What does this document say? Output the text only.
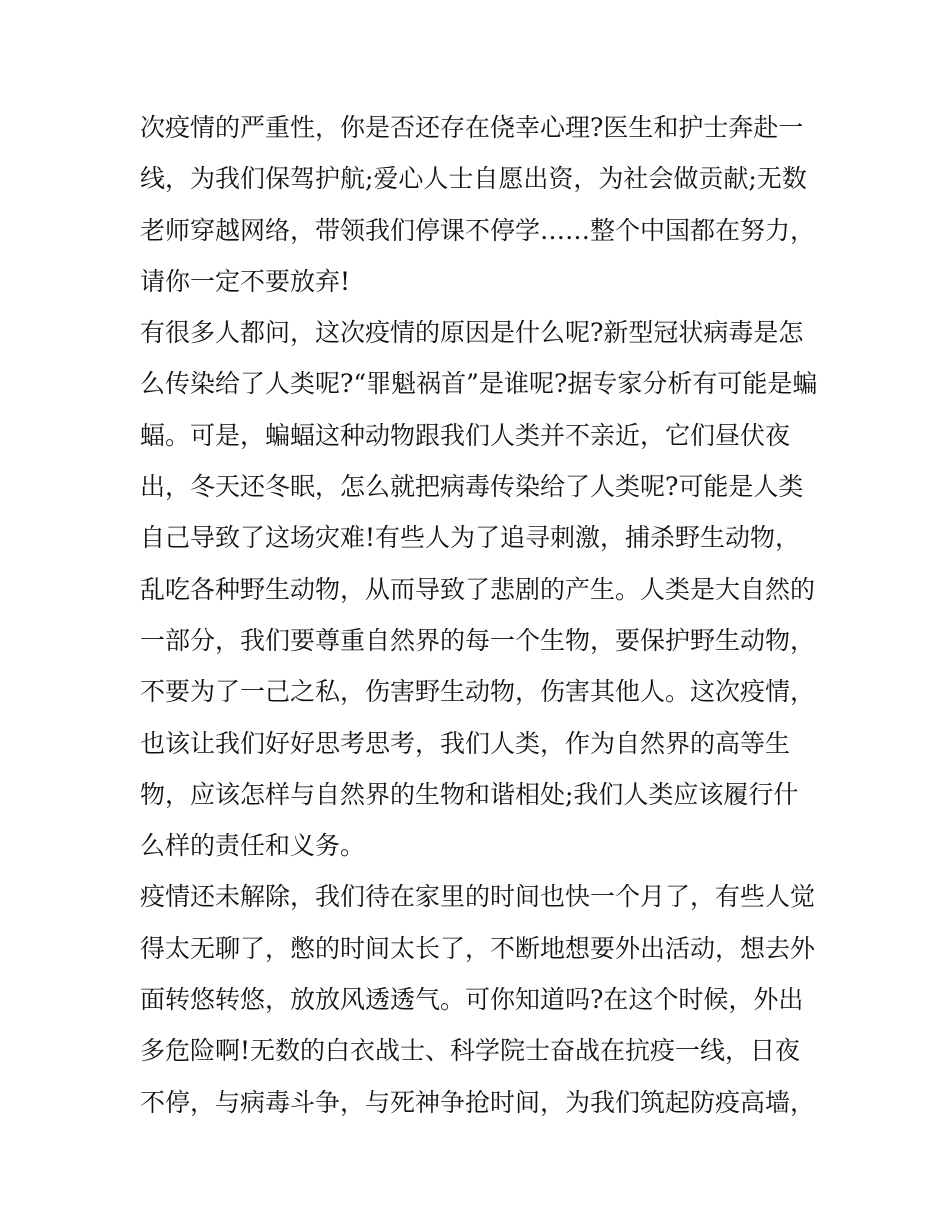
次疫情的严重性，你是否还存在侥幸心理?医生和护士奔赴一
线，为我们保驾护航;爱心人士自愿出资，为社会做贡献;无数
老师穿越网络，带领我们停课不停学……整个中国都在努力，
请你一定不要放弃!
有很多人都问，这次疫情的原因是什么呢?新型冠状病毒是怎
么传染给了人类呢?“罪魁祸首”是谁呢?据专家分析有可能是蝙
蝠。可是，蝙蝠这种动物跟我们人类并不亲近，它们昼伏夜
出，冬天还冬眠，怎么就把病毒传染给了人类呢?可能是人类
自己导致了这场灾难!有些人为了追寻刺激，捕杀野生动物，
乱吃各种野生动物，从而导致了悲剧的产生。人类是大自然的
一部分，我们要尊重自然界的每一个生物，要保护野生动物，
不要为了一己之私，伤害野生动物，伤害其他人。这次疫情，
也该让我们好好思考思考，我们人类，作为自然界的高等生
物，应该怎样与自然界的生物和谐相处;我们人类应该履行什
么样的责任和义务。
疫情还未解除，我们待在家里的时间也快一个月了，有些人觉
得太无聊了，憋的时间太长了，不断地想要外出活动，想去外
面转悠转悠，放放风透透气。可你知道吗?在这个时候，外出
多危险啊!无数的白衣战士、科学院士奋战在抗疫一线，日夜
不停，与病毒斗争，与死神争抢时间，为我们筑起防疫高墙，
